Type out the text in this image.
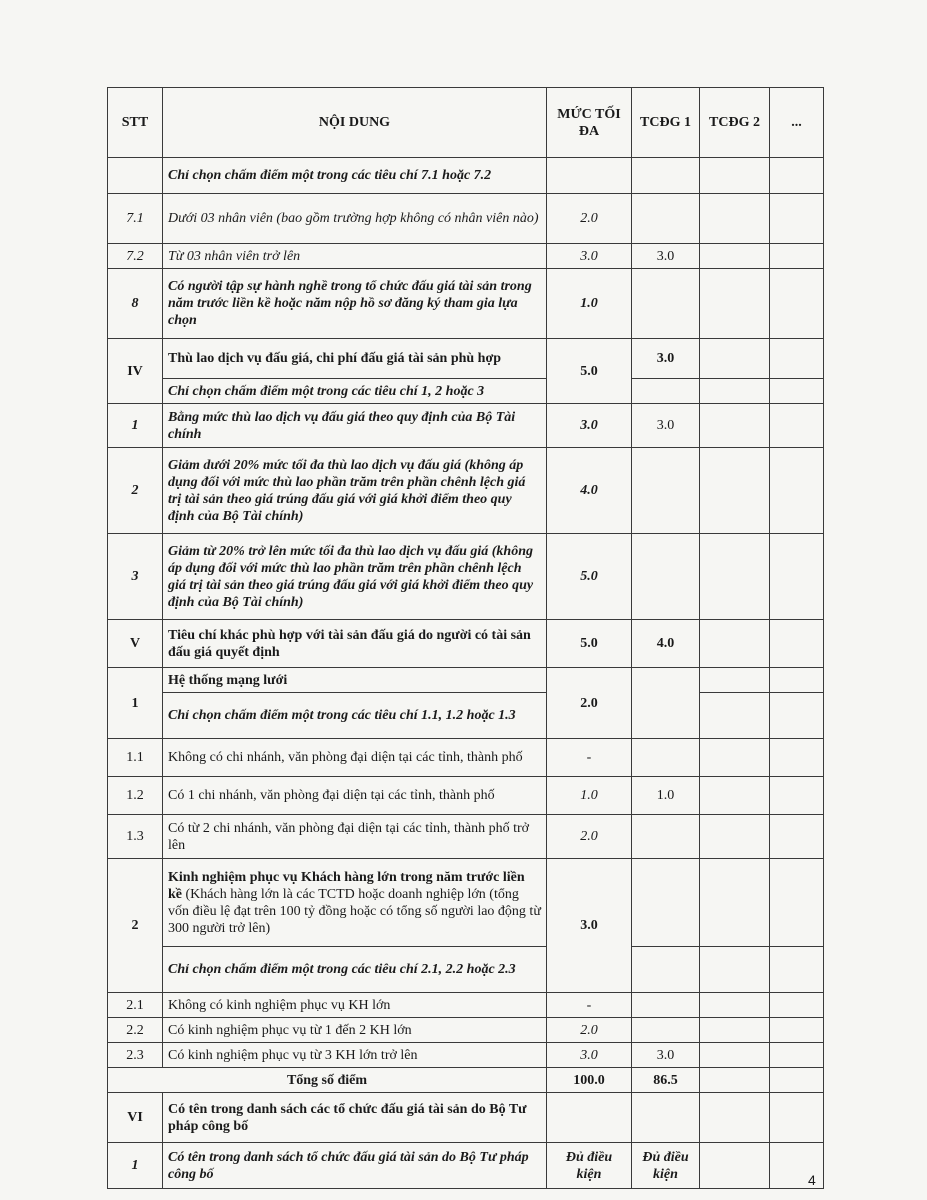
STT	NỘI DUNG	MỨC TỐI ĐA	TCĐG 1	TCĐG 2	...
	Chỉ chọn chấm điểm một trong các tiêu chí 7.1 hoặc 7.2				
7.1	Dưới 03 nhân viên (bao gồm trường hợp không có nhân viên nào)	2.0			
7.2	Từ 03 nhân viên trở lên	3.0	3.0		
8	Có người tập sự hành nghề trong tổ chức đấu giá tài sản trong năm trước liền kề hoặc năm nộp hồ sơ đăng ký tham gia lựa chọn	1.0			
IV	Thù lao dịch vụ đấu giá, chi phí đấu giá tài sản phù hợp	5.0	3.0		
	Chỉ chọn chấm điểm một trong các tiêu chí 1, 2 hoặc 3				
1	Bằng mức thù lao dịch vụ đấu giá theo quy định của Bộ Tài chính	3.0	3.0		
2	Giảm dưới 20% mức tối đa thù lao dịch vụ đấu giá (không áp dụng đối với mức thù lao phần trăm trên phần chênh lệch giá trị tài sản theo giá trúng đấu giá với giá khởi điểm theo quy định của Bộ Tài chính)	4.0			
3	Giảm từ 20% trở lên mức tối đa thù lao dịch vụ đấu giá (không áp dụng đối với mức thù lao phần trăm trên phần chênh lệch giá trị tài sản theo giá trúng đấu giá với giá khởi điểm theo quy định của Bộ Tài chính)	5.0			
V	Tiêu chí khác phù hợp với tài sản đấu giá do người có tài sản đấu giá quyết định	5.0	4.0		
1	Hệ thống mạng lưới	2.0			
	Chỉ chọn chấm điểm một trong các tiêu chí 1.1, 1.2 hoặc 1.3				
1.1	Không có chi nhánh, văn phòng đại diện tại các tỉnh, thành phố	-			
1.2	Có 1 chi nhánh, văn phòng đại diện tại các tỉnh, thành phố	1.0	1.0		
1.3	Có từ 2 chi nhánh, văn phòng đại diện tại các tỉnh, thành phố trở lên	2.0			
2	Kinh nghiệm phục vụ Khách hàng lớn trong năm trước liền kề (Khách hàng lớn là các TCTD hoặc doanh nghiệp lớn (tổng vốn điều lệ đạt trên 100 tỷ đồng hoặc có tổng số người lao động từ 300 người trở lên)	3.0			
	Chỉ chọn chấm điểm một trong các tiêu chí 2.1, 2.2 hoặc 2.3				
2.1	Không có kinh nghiệm phục vụ KH lớn	-			
2.2	Có kinh nghiệm phục vụ từ 1 đến 2 KH lớn	2.0			
2.3	Có kinh nghiệm phục vụ từ 3 KH lớn trở lên	3.0	3.0		
Tổng số điểm		100.0	86.5		
VI	Có tên trong danh sách các tổ chức đấu giá tài sản do Bộ Tư pháp công bố				
1	Có tên trong danh sách tổ chức đấu giá tài sản do Bộ Tư pháp công bố	Đủ điều kiện	Đủ điều kiện			4
